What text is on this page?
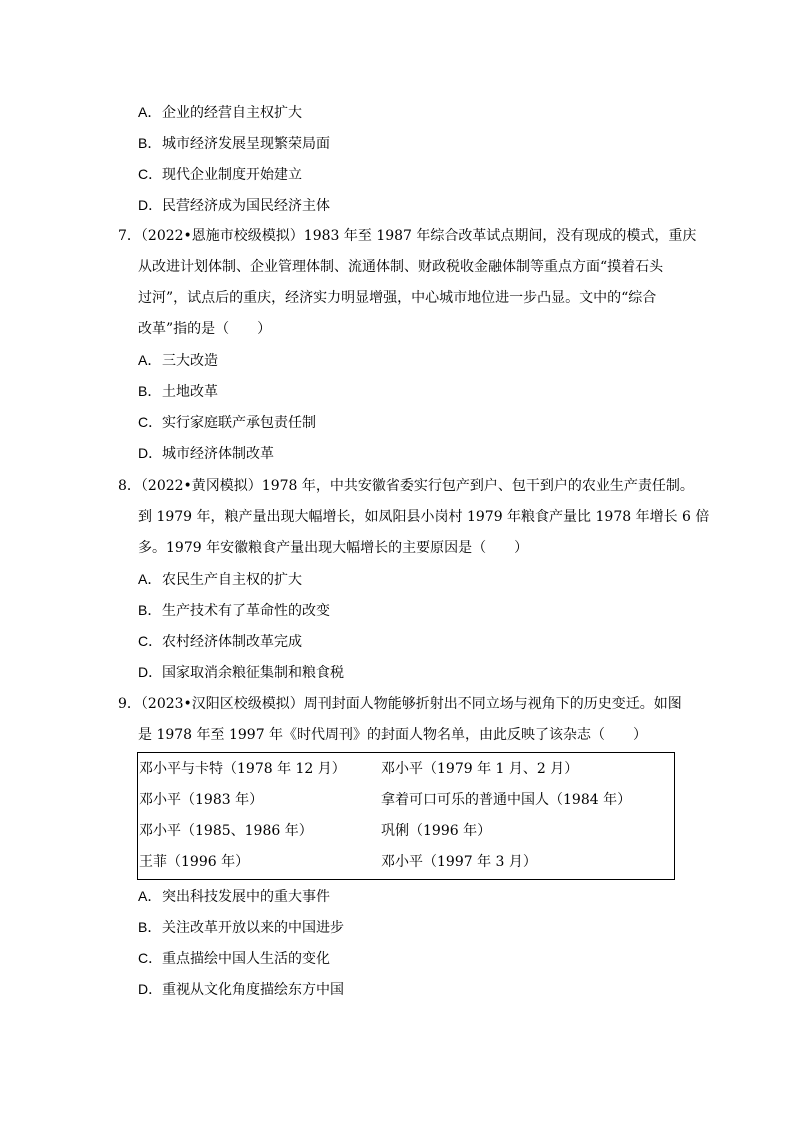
A．企业的经营自主权扩大
B．城市经济发展呈现繁荣局面
C．现代企业制度开始建立
D．民营经济成为国民经济主体
7．（2022•恩施市校级模拟）1983 年至 1987 年综合改革试点期间，没有现成的模式，重庆
从改进计划体制、企业管理体制、流通体制、财政税收金融体制等重点方面“摸着石头
过河”，试点后的重庆，经济实力明显增强，中心城市地位进一步凸显。文中的“综合
改革”指的是（　　）
A．三大改造
B．土地改革
C．实行家庭联产承包责任制
D．城市经济体制改革
8．（2022•黄冈模拟）1978 年，中共安徽省委实行包产到户、包干到户的农业生产责任制。
到 1979 年，粮产量出现大幅增长，如凤阳县小岗村 1979 年粮食产量比 1978 年增长 6 倍
多。1979 年安徽粮食产量出现大幅增长的主要原因是（　　）
A．农民生产自主权的扩大
B．生产技术有了革命性的改变
C．农村经济体制改革完成
D．国家取消余粮征集制和粮食税
9．（2023•汉阳区校级模拟）周刊封面人物能够折射出不同立场与视角下的历史变迁。如图
是 1978 年至 1997 年《时代周刊》的封面人物名单，由此反映了该杂志（　　）
邓小平与卡特（1978 年 12 月）	邓小平（1979 年 1 月、2 月）
邓小平（1983 年）	拿着可口可乐的普通中国人（1984 年）
邓小平（1985、1986 年）	巩俐（1996 年）
王菲（1996 年）	邓小平（1997 年 3 月）
A．突出科技发展中的重大事件
B．关注改革开放以来的中国进步
C．重点描绘中国人生活的变化
D．重视从文化角度描绘东方中国
